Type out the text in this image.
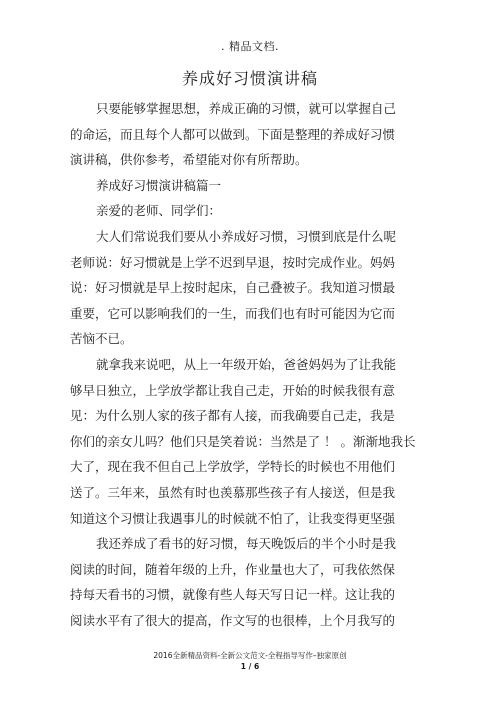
. 精品文档.
养成好习惯演讲稿
只要能够掌握思想，养成正确的习惯，就可以掌握自己
的命运，而且每个人都可以做到。下面是整理的养成好习惯
演讲稿，供你参考，希望能对你有所帮助。
养成好习惯演讲稿篇一
亲爱的老师、同学们：
大人们常说我们要从小养成好习惯，习惯到底是什么呢
老师说：好习惯就是上学不迟到早退，按时完成作业。妈妈
说：好习惯就是早上按时起床，自己叠被子。我知道习惯最
重要，它可以影响我们的一生，而我们也有时可能因为它而
苦恼不已。
就拿我来说吧，从上一年级开始，爸爸妈妈为了让我能
够早日独立，上学放学都让我自己走，开始的时候我很有意
见：为什么别人家的孩子都有人接，而我确要自己走，我是
你们的亲女儿吗？他们只是笑着说：当然是了 ！ 。渐渐地我长
大了，现在我不但自己上学放学，学特长的时候也不用他们
送了。三年来，虽然有时也羡慕那些孩子有人接送，但是我
知道这个习惯让我遇事儿的时候就不怕了，让我变得更坚强
我还养成了看书的好习惯，每天晚饭后的半个小时是我
阅读的时间，随着年级的上升，作业量也大了，可我依然保
持每天看书的习惯，就像有些人每天写日记一样。这让我的
阅读水平有了很大的提高，作文写的也很棒，上个月我写的
2016全新精品资料-全新公文范文-全程指导写作–独家原创
1 / 6
